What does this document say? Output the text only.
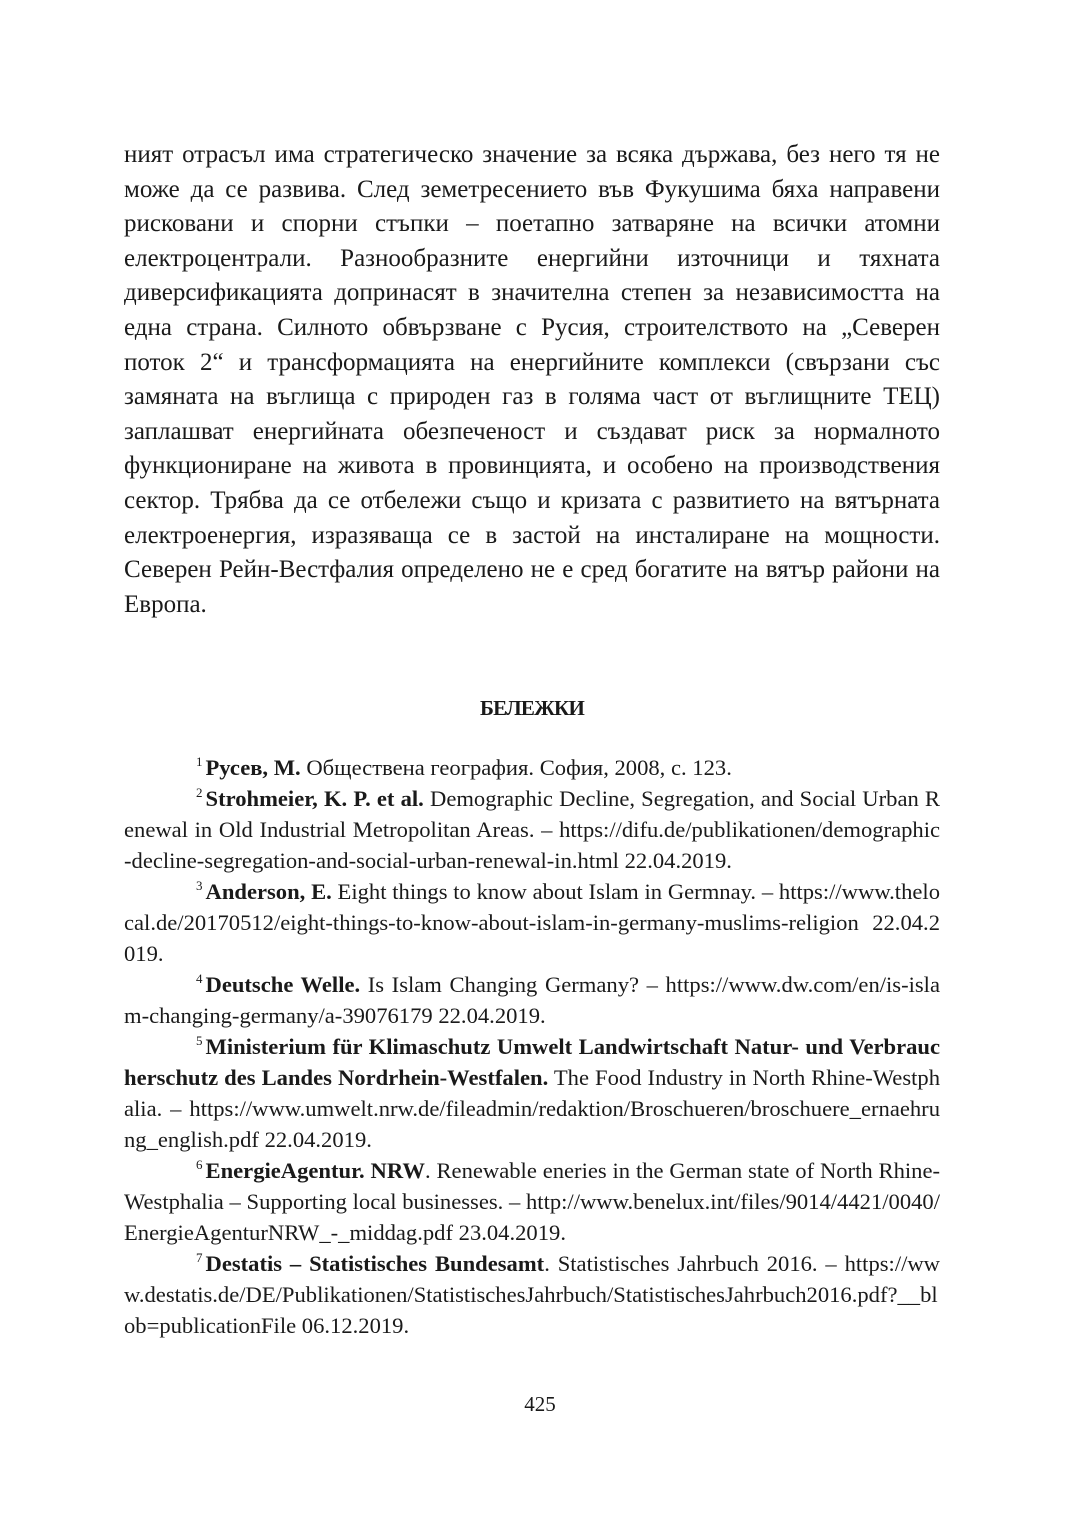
ният отрасъл има стратегическо значение за всяка държава, без него тя не може да се развива. След земетресението във Фукушима бяха направени рисковани и спорни стъпки – поетапно затваряне на всички атомни електроцентрали. Разнообразните енергийни източници и тяхната диверсификацията допринасят в значителна степен за независимостта на една страна. Силното обвързване с Русия, строителството на „Северен поток 2“ и трансформацията на енергийните комплекси (свързани със замяната на въглища с природен газ в голяма част от въглищните ТЕЦ) заплашват енергийната обезпеченост и създават риск за нормалното функциониране на живота в провинцията, и особено на производствения сектор. Трябва да се отбележи също и кризата с развитието на вятърната електроенергия, изразяваща се в застой на инсталиране на мощности. Северен Рейн-Вестфалия определено не е сред богатите на вятър райони на Европа.

БЕЛЕЖКИ

$^1$ Русев, М. Обществена география. София, 2008, с. 123.

$^2$ Strohmeier, K. P. et al. Demographic Decline, Segregation, and Social Urban Renewal in Old Industrial Metropolitan Areas. – https://difu.de/publikationen/demographic-decline-segregation-and-social-urban-renewal-in.html 22.04.2019.

$^3$ Anderson, E. Eight things to know about Islam in Germnay. – https://www.thelocal.de/20170512/eight-things-to-know-about-islam-in-germany-muslims-religion 22.04.2019.

$^4$ Deutsche Welle. Is Islam Changing Germany? – https://www.dw.com/en/is-islam-changing-germany/a-39076179 22.04.2019.

$^5$ Ministerium für Klimaschutz Umwelt Landwirtschaft Natur- und Verbraucherschutz des Landes Nordrhein-Westfalen. The Food Industry in North Rhine-Westphalia. – https://www.umwelt.nrw.de/fileadmin/redaktion/Broschueren/broschuere_ernaehrung_english.pdf 22.04.2019.

$^6$ EnergieAgentur. NRW. Renewable eneries in the German state of North Rhine-Westphalia – Supporting local businesses. – http://www.benelux.int/files/9014/4421/0040/EnergieAgenturNRW_-_middag.pdf 23.04.2019.

$^7$ Destatis – Statistisches Bundesamt. Statistisches Jahrbuch 2016. – https://www.destatis.de/DE/Publikationen/StatistischesJahrbuch/StatistischesJahrbuch2016.pdf?__blob=publicationFile 06.12.2019.

425
